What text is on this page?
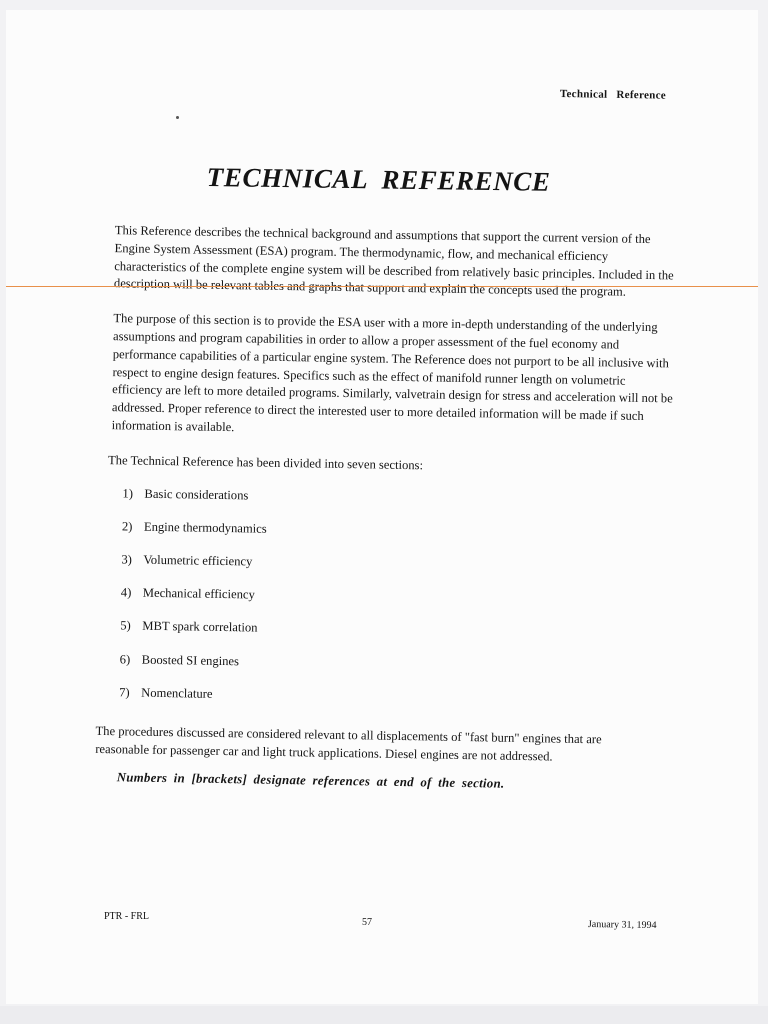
Technical Reference
TECHNICAL REFERENCE

This Reference describes the technical background and assumptions that support the current version of the Engine System Assessment (ESA) program. The thermodynamic, flow, and mechanical efficiency characteristics of the complete engine system will be described from relatively basic principles. Included in the description will be relevant tables and graphs that support and explain the concepts used the program.

The purpose of this section is to provide the ESA user with a more in-depth understanding of the underlying assumptions and program capabilities in order to allow a proper assessment of the fuel economy and performance capabilities of a particular engine system. The Reference does not purport to be all inclusive with respect to engine design features. Specifics such as the effect of manifold runner length on volumetric efficiency are left to more detailed programs. Similarly, valvetrain design for stress and acceleration will not be addressed. Proper reference to direct the interested user to more detailed information will be made if such information is available.

The Technical Reference has been divided into seven sections:

1) Basic considerations
2) Engine thermodynamics
3) Volumetric efficiency
4) Mechanical efficiency
5) MBT spark correlation
6) Boosted SI engines
7) Nomenclature

The procedures discussed are considered relevant to all displacements of "fast burn" engines that are reasonable for passenger car and light truck applications. Diesel engines are not addressed.

Numbers in [brackets] designate references at end of the section.

PTR - FRL
57	January 31, 1994
